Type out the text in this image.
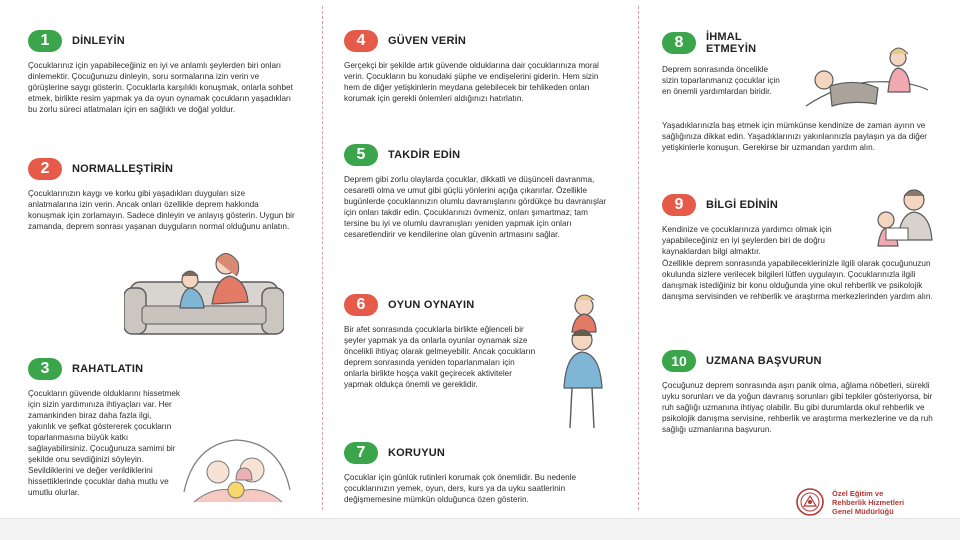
1	DİNLEYİN
Çocuklarınız için yapabileceğiniz en iyi ve anlamlı şeylerden biri onları dinlemektir. Çocuğunuzu dinleyin, soru sormalarına izin verin ve görüşlerine saygı gösterin. Çocuklarla karşılıklı konuşmak, onlarla sohbet etmek, birlikte resim yapmak ya da oyun oynamak çocukların yaşadıkları bu zorlu süreci atlatmaları için en sağlıklı ve doğal yoldur.
2	NORMALLEŞTİRİN
Çocuklarınızın kaygı ve korku gibi yaşadıkları duyguları size anlatmalarına izin verin. Ancak onları özellikle deprem hakkında konuşmak için zorlamayın. Sadece dinleyin ve anlayış gösterin. Uygun bir zamanda, deprem sonrası yaşanan duyguların normal olduğunu anlatın.
3	RAHATLATIN
Çocukların güvende olduklarını hissetmek için sizin yardımınıza ihtiyaçları var. Her zamankinden biraz daha fazla ilgi, yakınlık ve şefkat göstererek çocukların toparlanmasına büyük katkı sağlayabilirsiniz. Çocuğunuza samimi bir şekilde onu sevdiğinizi söyleyin. Sevildiklerini ve değer verildiklerini hissettiklerinde çocuklar daha mutlu ve umutlu olurlar.
4	GÜVEN VERİN
Gerçekçi bir şekilde artık güvende olduklarına dair çocuklarınıza moral verin. Çocukların bu konudaki şüphe ve endişelerini giderin. Hem sizin hem de diğer yetişkinlerin meydana gelebilecek bir tehlikeden onları korumak için gerekli önlemleri aldığınızı hatırlatın.
5	TAKDİR EDİN
Deprem gibi zorlu olaylarda çocuklar, dikkatli ve düşünceli davranma, cesaretli olma ve umut gibi güçlü yönlerini açığa çıkarırlar. Özellikle bugünlerde çocuklarınızın olumlu davranışlarını gördükçe bu davranışlar için onları takdir edin. Çocuklarınızı övmeniz, onları şımartmaz; tam tersine bu iyi ve olumlu davranışları yeniden yapmak için onları cesaretlendirir ve kendilerine olan güvenin artmasını sağlar.
6	OYUN OYNAYIN
Bir afet sonrasında çocuklarla birlikte eğlenceli bir şeyler yapmak ya da onlarla oyunlar oynamak size öncelikli ihtiyaç olarak gelmeyebilir. Ancak çocukların deprem sonrasında yeniden toparlanmaları için onlarla birlikte hoşça vakit geçirecek aktiviteler yapmak oldukça önemli ve gereklidir.
7	KORUYUN
Çocuklar için günlük rutinleri korumak çok önemlidir. Bu nedenle çocuklarınızın yemek, oyun, ders, kurs ya da uyku saatlerinin değişmemesine mümkün olduğunca özen gösterin.
8	İHMAL
ETMEYİN
Deprem sonrasında öncelikle sizin toparlanmanız çocuklar için en önemli yardımlardan biridir.
Yaşadıklarınızla baş etmek için mümkünse kendinize de zaman ayırın ve sağlığınıza dikkat edin. Yaşadıklarınızı yakınlarınızla paylaşın ya da diğer yetişkinlerle konuşun. Gerekirse bir uzmandan yardım alın.
9	BİLGİ EDİNİN
Kendinize ve çocuklarınıza yardımcı olmak için yapabileceğiniz en iyi şeylerden biri de doğru kaynaklardan bilgi almaktır.
Özellikle deprem sonrasında yapabileceklerinizle ilgili olarak çocuğunuzun okulunda sizlere verilecek bilgileri lütfen uygulayın. Çocuklarınızla ilgili danışmak istediğiniz bir konu olduğunda yine okul rehberlik ve psikolojik danışma servisinden ve rehberlik ve araştırma merkezlerinden yardım alın.
10	UZMANA BAŞVURUN
Çocuğunuz deprem sonrasında aşırı panik olma, ağlama nöbetleri, sürekli uyku sorunları ve da yoğun davranış sorunları gibi tepkiler gösteriyorsa, bir ruh sağlığı uzmanına ihtiyaç olabilir. Bu gibi durumlarda okul rehberlik ve psikolojik danışma servisine, rehberlik ve araştırma merkezlerine ve da ruh sağlığı uzmanlarına başvurun.
Özel Eğitim ve
Rehberlik Hizmetleri
Genel Müdürlüğü
